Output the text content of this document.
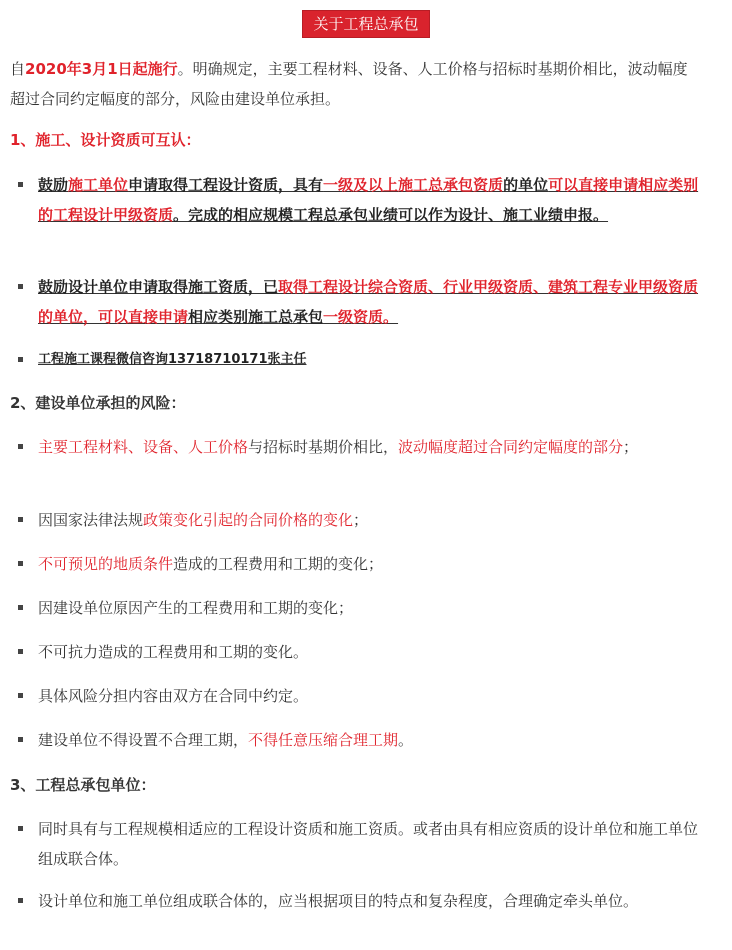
关于工程总承包
自2020年3月1日起施行。明确规定，主要工程材料、设备、人工价格与招标时基期价相比，波动幅度超过合同约定幅度的部分，风险由建设单位承担。
1、施工、设计资质可互认：
鼓励施工单位申请取得工程设计资质，具有一级及以上施工总承包资质的单位可以直接申请相应类别的工程设计甲级资质。完成的相应规模工程总承包业绩可以作为设计、施工业绩申报。
鼓励设计单位申请取得施工资质，已取得工程设计综合资质、行业甲级资质、建筑工程专业甲级资质的单位，可以直接申请相应类别施工总承包一级资质。
工程施工课程微信咨询13718710171张主任
2、建设单位承担的风险：
主要工程材料、设备、人工价格与招标时基期价相比，波动幅度超过合同约定幅度的部分；
因国家法律法规政策变化引起的合同价格的变化；
不可预见的地质条件造成的工程费用和工期的变化；
因建设单位原因产生的工程费用和工期的变化；
不可抗力造成的工程费用和工期的变化。
具体风险分担内容由双方在合同中约定。
建设单位不得设置不合理工期，不得任意压缩合理工期。
3、工程总承包单位：
同时具有与工程规模相适应的工程设计资质和施工资质。或者由具有相应资质的设计单位和施工单位组成联合体。
设计单位和施工单位组成联合体的，应当根据项目的特点和复杂程度，合理确定牵头单位。
